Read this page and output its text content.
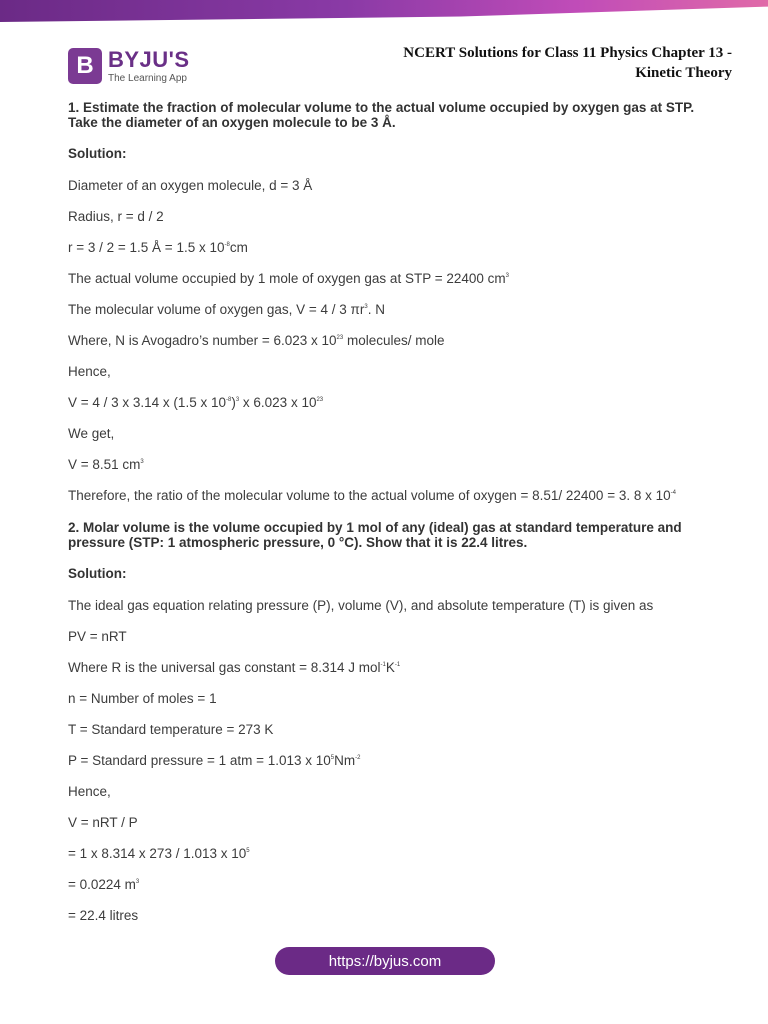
B BYJU'S
The Learning App
NCERT Solutions for Class 11 Physics Chapter 13 -
Kinetic Theory
1. Estimate the fraction of molecular volume to the actual volume occupied by oxygen gas at STP.
Take the diameter of an oxygen molecule to be 3 Å.
Solution:
Diameter of an oxygen molecule, d = 3 Å
Radius, r = d / 2
r = 3 / 2 = 1.5 Å = 1.5 x $10^{-8}cm$
The actual volume occupied by 1 mole of oxygen gas at STP = 22400 $cm^3$
The molecular volume of oxygen gas, V = 4 / 3 $\pi r^3$. N
Where, N is Avogadro’s number = 6.023 x $10^{23}$ molecules/ mole
Hence,
V = 4 / 3 x 3.14 x (1.5 x $10^{-8})^3$ x 6.023 x $10^{23}$
We get,
V = 8.51 $cm^3$
Therefore, the ratio of the molecular volume to the actual volume of oxygen = 8.51/ 22400 = 3. 8 x $10^{-4}$
2. Molar volume is the volume occupied by 1 mol of any (ideal) gas at standard temperature and
pressure (STP: 1 atmospheric pressure, 0 °C). Show that it is 22.4 litres.
Solution:
The ideal gas equation relating pressure (P), volume (V), and absolute temperature (T) is given as
PV = nRT
Where R is the universal gas constant = 8.314 J $mol^{-1}K^{-1}$
n = Number of moles = 1
T = Standard temperature = 273 K
P = Standard pressure = 1 atm = 1.013 x $10^5Nm^{-2}$
Hence,
V = nRT / P
= 1 x 8.314 x 273 / 1.013 x $10^5$
= 0.0224 $m^3$
= 22.4 litres
https://byjus.com
